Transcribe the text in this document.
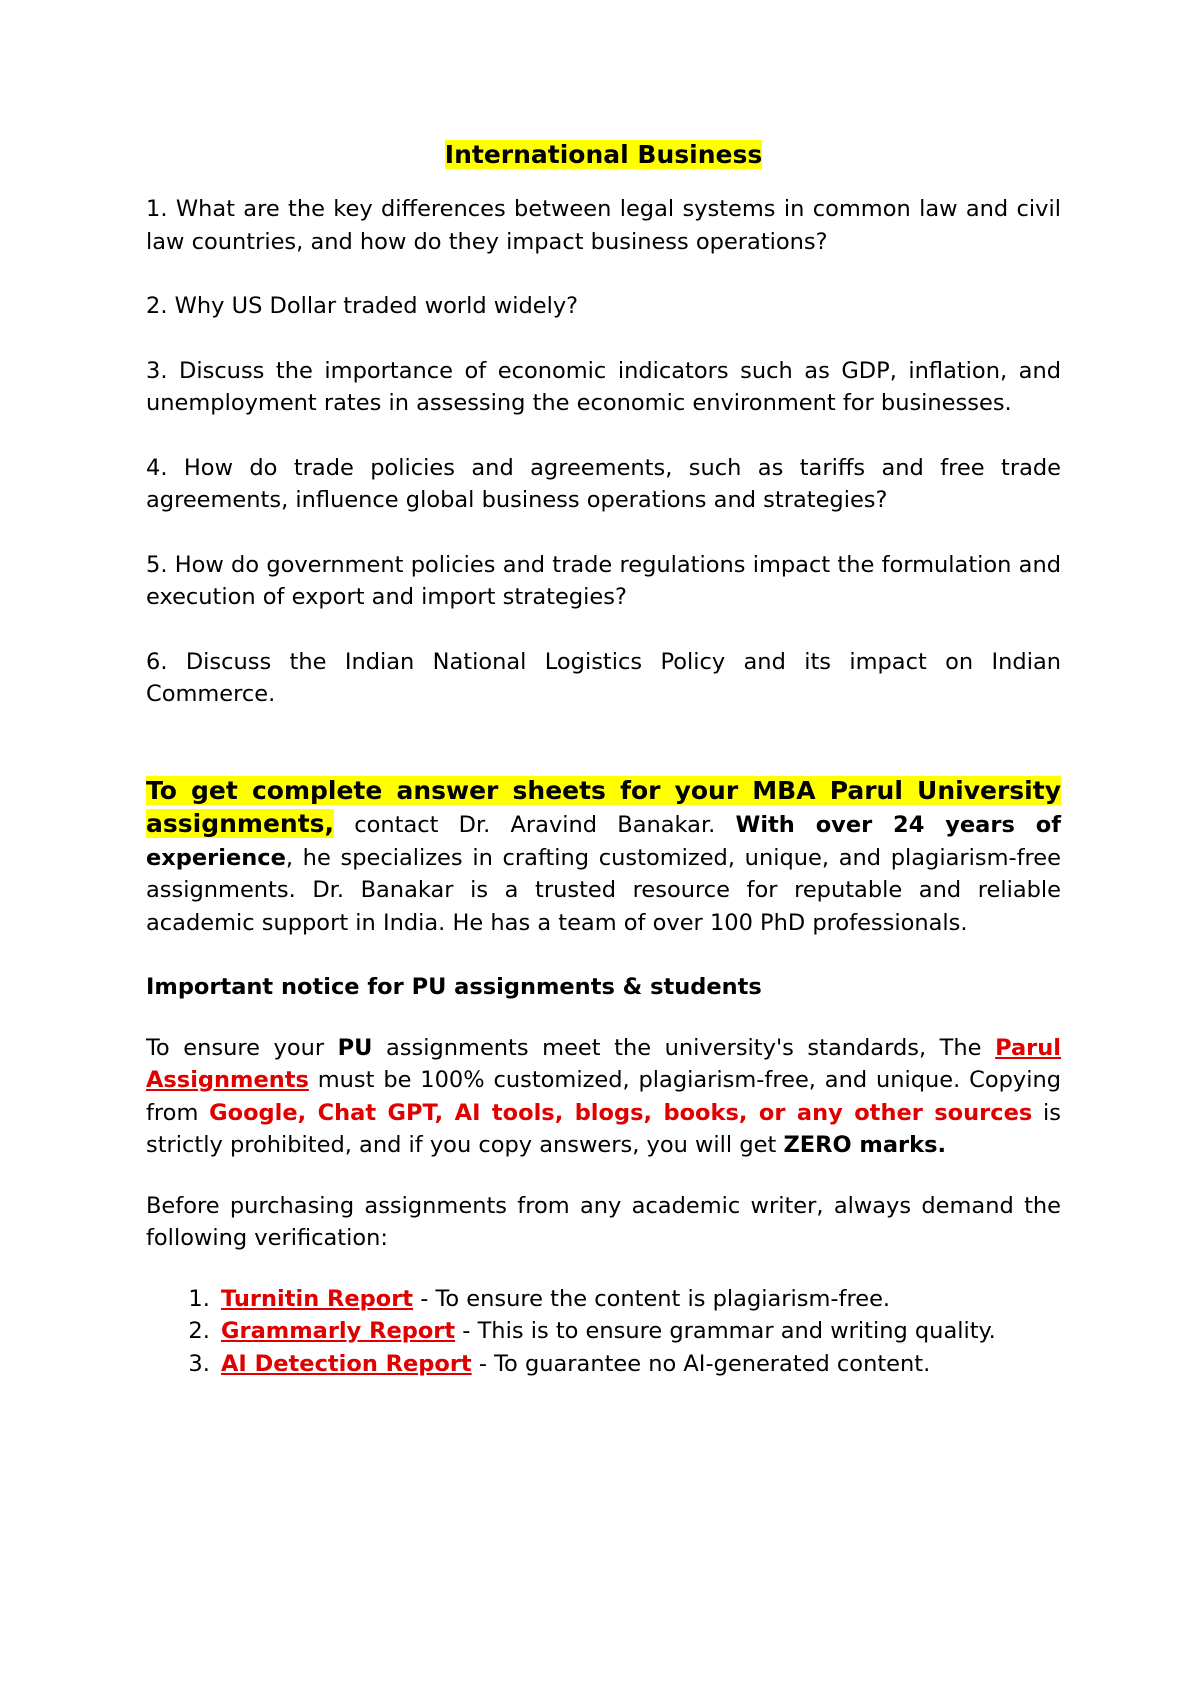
International Business

1. What are the key differences between legal systems in common law and civil law countries, and how do they impact business operations?

2. Why US Dollar traded world widely?

3. Discuss the importance of economic indicators such as GDP, inflation, and unemployment rates in assessing the economic environment for businesses.

4. How do trade policies and agreements, such as tariffs and free trade agreements, influence global business operations and strategies?

5. How do government policies and trade regulations impact the formulation and execution of export and import strategies?

6. Discuss the Indian National Logistics Policy and its impact on Indian Commerce.

To get complete answer sheets for your MBA Parul University assignments, contact Dr. Aravind Banakar. With over 24 years of experience, he specializes in crafting customized, unique, and plagiarism-free assignments. Dr. Banakar is a trusted resource for reputable and reliable academic support in India. He has a team of over 100 PhD professionals.

Important notice for PU assignments & students

To ensure your PU assignments meet the university's standards, The Parul Assignments must be 100% customized, plagiarism-free, and unique. Copying from Google, Chat GPT, AI tools, blogs, books, or any other sources is strictly prohibited, and if you copy answers, you will get ZERO marks.

Before purchasing assignments from any academic writer, always demand the following verification:

1. Turnitin Report - To ensure the content is plagiarism-free.
2. Grammarly Report - This is to ensure grammar and writing quality.
3. AI Detection Report - To guarantee no AI-generated content.
